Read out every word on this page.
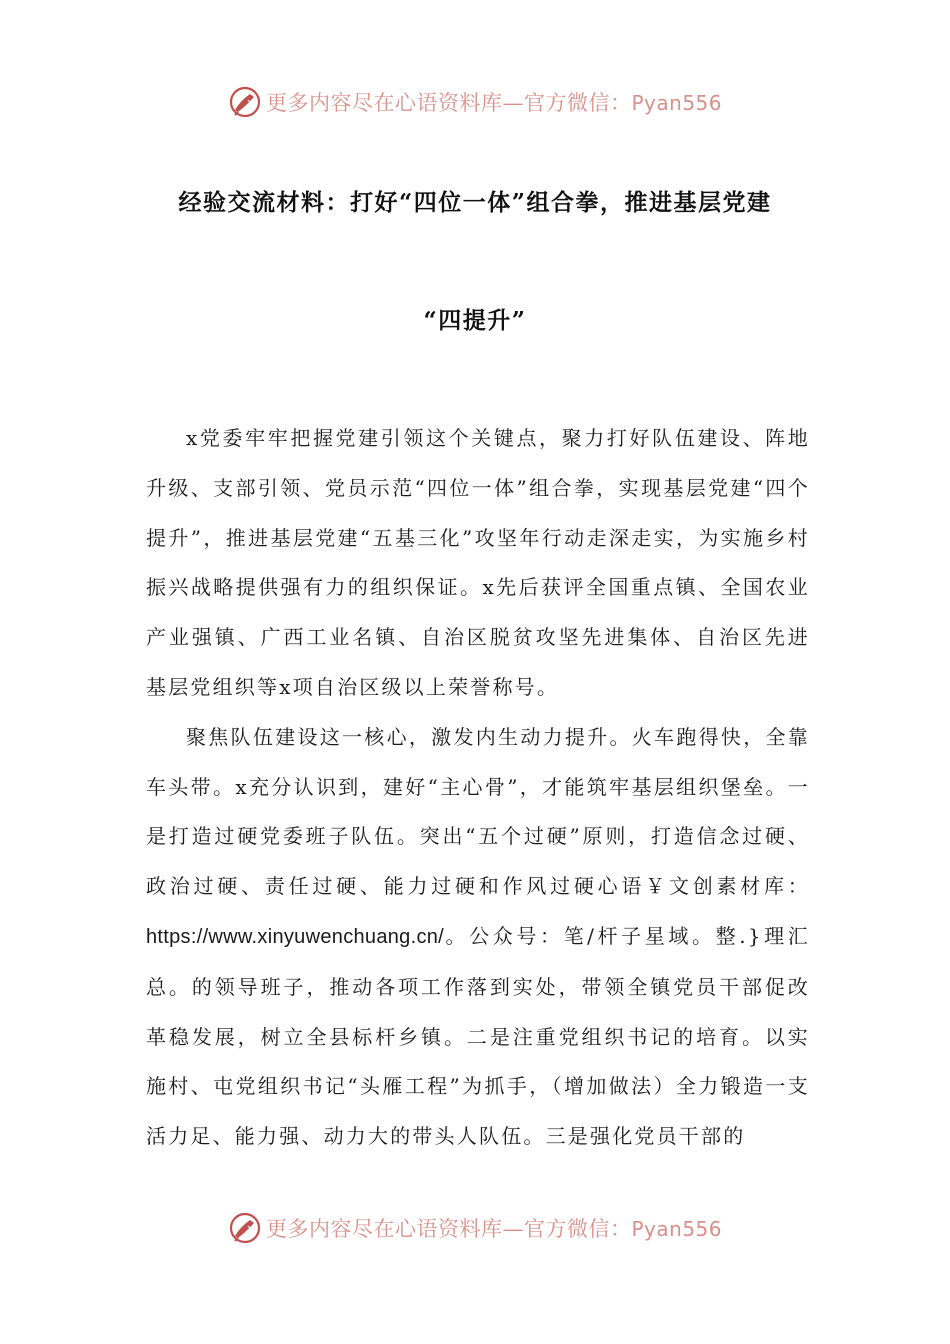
更多内容尽在心语资料库—官方微信：Pyan556
经验交流材料：打好“四位一体”组合拳，推进基层党建
“四提升”

x党委牢牢把握党建引领这个关键点，聚力打好队伍建设、阵地升级、支部引领、党员示范“四位一体”组合拳，实现基层党建“四个提升”，推进基层党建“五基三化”攻坚年行动走深走实，为实施乡村振兴战略提供强有力的组织保证。x先后获评全国重点镇、全国农业产业强镇、广西工业名镇、自治区脱贫攻坚先进集体、自治区先进基层党组织等x项自治区级以上荣誉称号。

聚焦队伍建设这一核心，激发内生动力提升。火车跑得快，全靠车头带。x充分认识到，建好“主心骨”，才能筑牢基层组织堡垒。一是打造过硬党委班子队伍。突出“五个过硬”原则，打造信念过硬、政治过硬、责任过硬、能力过硬和作风过硬心语￥文创素材库：https://www.xinyuwenchuang.cn/。公众号：笔/杆子星域。整.}理汇总。的领导班子，推动各项工作落到实处，带领全镇党员干部促改革稳发展，树立全县标杆乡镇。二是注重党组织书记的培育。以实施村、屯党组织书记“头雁工程”为抓手，（增加做法）全力锻造一支活力足、能力强、动力大的带头人队伍。三是强化党员干部的

更多内容尽在心语资料库—官方微信：Pyan556
